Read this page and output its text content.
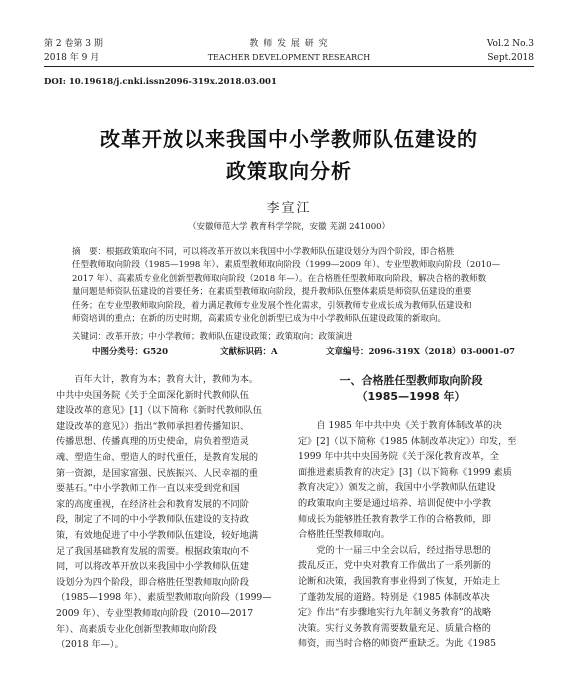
第 2 卷第 3 期
2018 年 9 月
教 师 发 展 研 究
TEACHER DEVELOPMENT RESEARCH
Vol.2 No.3
Sept.2018
DOI: 10.19618/j.cnki.issn2096-319x.2018.03.001
改革开放以来我国中小学教师队伍建设的
政策取向分析
李宣江
（安徽师范大学 教育科学学院，安徽 芜湖 241000）

摘　要：根据政策取向不同，可以将改革开放以来我国中小学教师队伍建设划分为四个阶段，即合格胜

任型教师取向阶段（1985—1998 年）、素质型教师取向阶段（1999—2009 年）、专业型教师取向阶段（2010—

2017 年）、高素质专业化创新型教师取向阶段（2018 年—）。在合格胜任型教师取向阶段，解决合格的教师数

量问题是师资队伍建设的首要任务；在素质型教师取向阶段，提升教师队伍整体素质是师资队伍建设的重要

任务；在专业型教师取向阶段，着力满足教师专业发展个性化需求，引领教师专业成长成为教师队伍建设和

师资培训的重点；在新的历史时期，高素质专业化创新型已成为中小学教师队伍建设政策的新取向。

关键词：改革开放；中小学教师；教师队伍建设政策；政策取向；政策演进
中图分类号：G520	文献标识码：A	文章编号：2096-319X（2018）03-0001-07

　　百年大计，教育为本；教育大计，教师为本。

中共中央国务院《关于全面深化新时代教师队伍

建设改革的意见》[1]（以下简称《新时代教师队伍

建设改革的意见》）指出“教师承担着传播知识、

传播思想、传播真理的历史使命，肩负着塑造灵

魂、塑造生命、塑造人的时代重任，是教育发展的

第一资源，是国家富强、民族振兴、人民幸福的重

要基石。”中小学教师工作一直以来受到党和国

家的高度重视，在经济社会和教育发展的不同阶

段，制定了不同的中小学教师队伍建设的支持政

策，有效地促进了中小学教师队伍建设，较好地满

足了我国基础教育发展的需要。根据政策取向不

同，可以将改革开放以来我国中小学教师队伍建

设划分为四个阶段，即合格胜任型教师取向阶段

（1985—1998 年）、素质型教师取向阶段（1999—

2009 年）、专业型教师取向阶段（2010—2017

年）、高素质专业化创新型教师取向阶段

（2018 年—）。

一、合格胜任型教师取向阶段
（1985—1998 年）

　　自 1985 年中共中央《关于教育体制改革的决

定》[2]（以下简称《1985 体制改革决定》）印发，至

1999 年中共中央国务院《关于深化教育改革，全

面推进素质教育的决定》[3]（以下简称《1999 素质

教育决定》）颁发之前，我国中小学教师队伍建设

的政策取向主要是通过培养、培训促使中小学教

师成长为能够胜任教育教学工作的合格教师，即

合格胜任型教师取向。

　　党的十一届三中全会以后，经过指导思想的

拨乱反正，党中央对教育工作做出了一系列新的

论断和决策，我国教育事业得到了恢复，开始走上

了蓬勃发展的道路。特别是《1985 体制改革决

定》作出“有步骤地实行九年制义务教育”的战略

决策。实行义务教育需要数量充足、质量合格的

师资，而当时合格的师资严重缺乏。为此《1985
